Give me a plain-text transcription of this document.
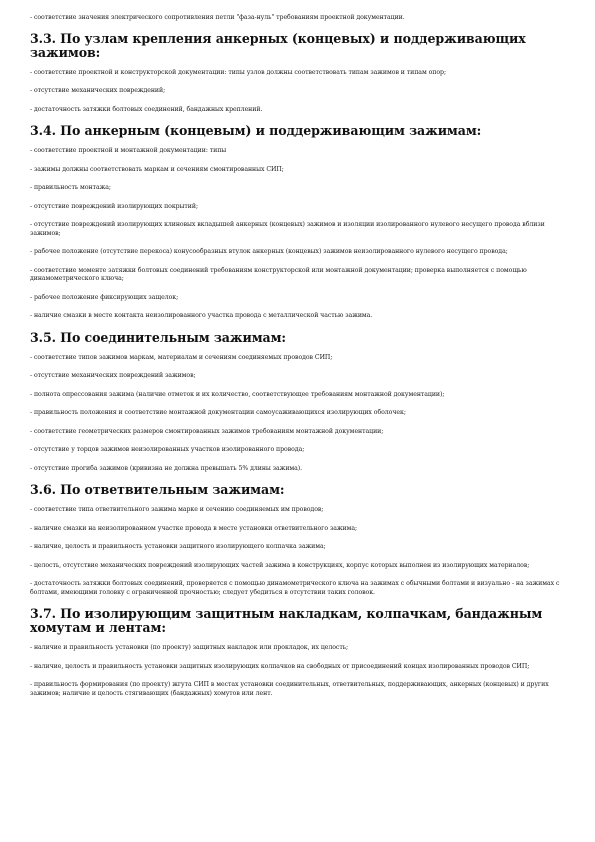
- соответствие значения электрического сопротивления петли "фаза-нуль" требованиям проектной документации.

3.3. По узлам крепления анкерных (концевых) и поддерживающих зажимов:

- соответствие проектной и конструкторской документации: типы узлов должны соответствовать типам зажимов и типам опор;

- отсутствие механических повреждений;

- достаточность затяжки болтовых соединений, бандажных креплений.

3.4. По анкерным (концевым) и поддерживающим зажимам:

- соответствие проектной и монтажной документации: типы

- зажимы должны соответствовать маркам и сечениям смонтированных СИП;

- правильность монтажа;

- отсутствие повреждений изолирующих покрытий;

- отсутствие повреждений изолирующих клиновых вкладышей анкерных (концевых) зажимов и изоляции изолированного нулевого несущего провода вблизи зажимов;

- рабочее положение (отсутствие перекоса) конусообразных втулок анкерных (концевых) зажимов неизолированного нулевого несущего провода;

- соответствие моменте затяжки болтовых соединений требованиям конструкторской или монтажной документации; проверка выполняется с помощью динамометрического ключа;

- рабочее положение фиксирующих защелок;

- наличие смазки в месте контакта неизолированного участка провода с металлической частью зажима.

3.5. По соединительным зажимам:

- соответствие типов зажимов маркам, материалам и сечениям соединяемых проводов СИП;

- отсутствие механических повреждений зажимов;

- полнота опрессования зажима (наличие отметок и их количество, соответствующее требованиям монтажной документации);

- правильность положения и соответствие монтажной документации самоусаживающихся изолирующих оболочек;

- соответствие геометрических размеров смонтированных зажимов требованиям монтажной документации;

- отсутствие у торцов зажимов неизолированных участков изолированного провода;

- отсутствие прогиба зажимов (кривизна не должна превышать 5% длины зажима).

3.6. По ответвительным зажимам:

- соответствие типа ответвительного зажима марке и сечению соединяемых им проводов;

- наличие смазки на неизолированном участке провода в месте установки ответвительного зажима;

- наличие, целость и правильность установки защитного изолирующего колпачка зажима;

- целость, отсутствие механических повреждений изолирующих частей зажима в конструкциях, корпус которых выполнен из изолирующих материалов;

- достаточность затяжки болтовых соединений, проверяется с помощью динамометрического ключа на зажимах с обычными болтами и визуально - на зажимах с болтами, имеющими головку с ограниченной прочностью; следует убедиться в отсутствии таких головок.

3.7. По изолирующим защитным накладкам, колпачкам, бандажным хомутам и лентам:

- наличие и правильность установки (по проекту) защитных накладок или прокладок, их целость;

- наличие, целость и правильность установки защитных изолирующих колпачков на свободных от присоединений концах изолированных проводов СИП;

- правильность формирования (по проекту) жгута СИП в местах установки соединительных, ответвительных, поддерживающих, анкерных (концевых) и других зажимов; наличие и целость стягивающих (бандажных) хомутов или лент.
